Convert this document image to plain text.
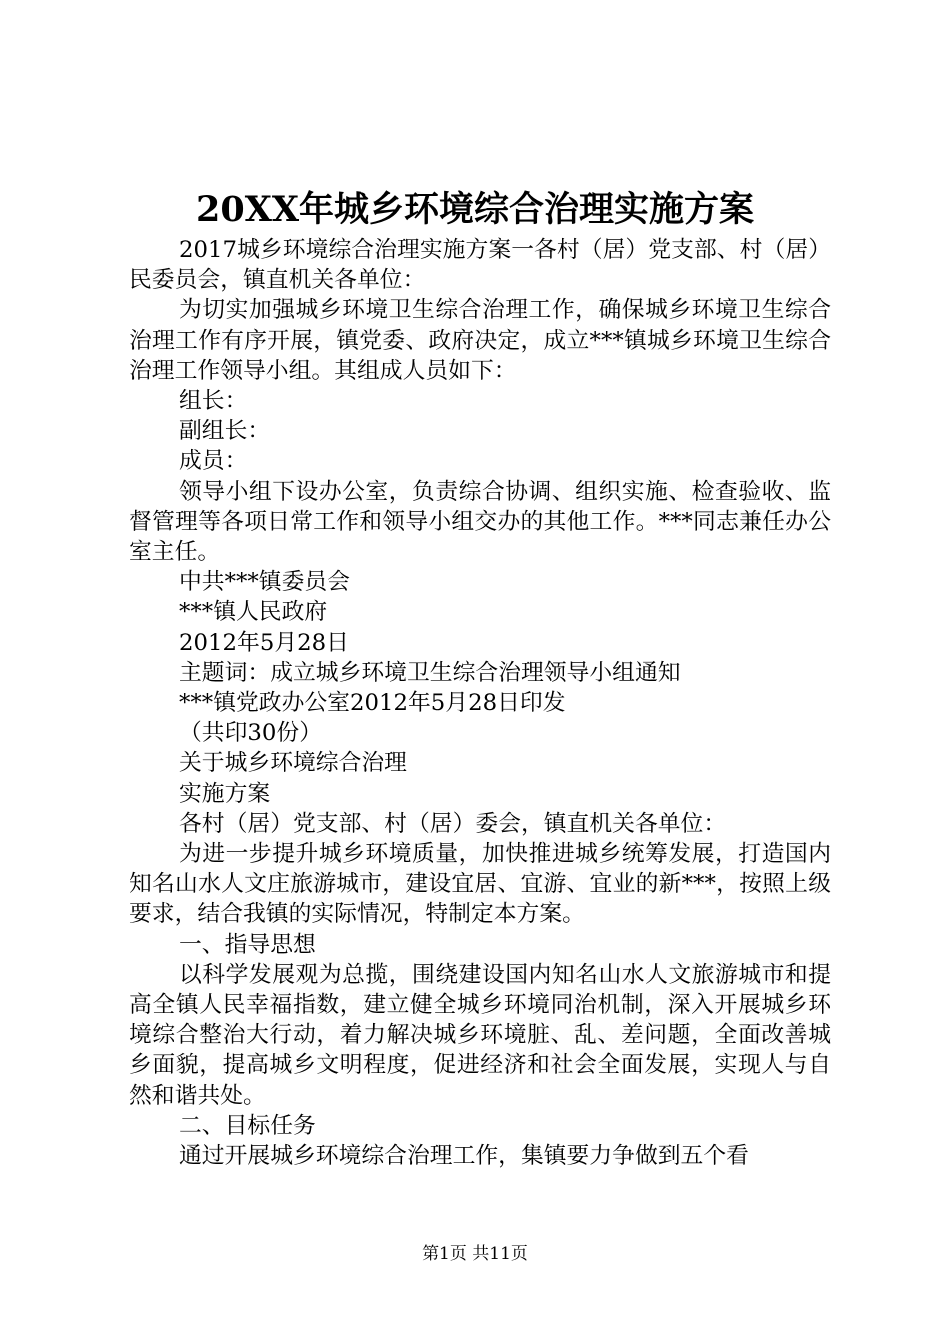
20XX年城乡环境综合治理实施方案

2017城乡环境综合治理实施方案一各村（居）党支部、村（居）民委员会，镇直机关各单位：

为切实加强城乡环境卫生综合治理工作，确保城乡环境卫生综合治理工作有序开展，镇党委、政府决定，成立***镇城乡环境卫生综合治理工作领导小组。其组成人员如下：

组长：

副组长：

成员：

领导小组下设办公室，负责综合协调、组织实施、检查验收、监督管理等各项日常工作和领导小组交办的其他工作。***同志兼任办公室主任。

中共***镇委员会

***镇人民政府

2012年5月28日

主题词：成立城乡环境卫生综合治理领导小组通知

***镇党政办公室2012年5月28日印发

（共印30份）

关于城乡环境综合治理

实施方案

各村（居）党支部、村（居）委会，镇直机关各单位：

为进一步提升城乡环境质量，加快推进城乡统筹发展，打造国内知名山水人文庄旅游城市，建设宜居、宜游、宜业的新***，按照上级要求，结合我镇的实际情况，特制定本方案。

一、指导思想

以科学发展观为总揽，围绕建设国内知名山水人文旅游城市和提高全镇人民幸福指数，建立健全城乡环境同治机制，深入开展城乡环境综合整治大行动，着力解决城乡环境脏、乱、差问题，全面改善城乡面貌，提高城乡文明程度，促进经济和社会全面发展，实现人与自然和谐共处。

二、目标任务

通过开展城乡环境综合治理工作，集镇要力争做到五个看

第1页 共11页
